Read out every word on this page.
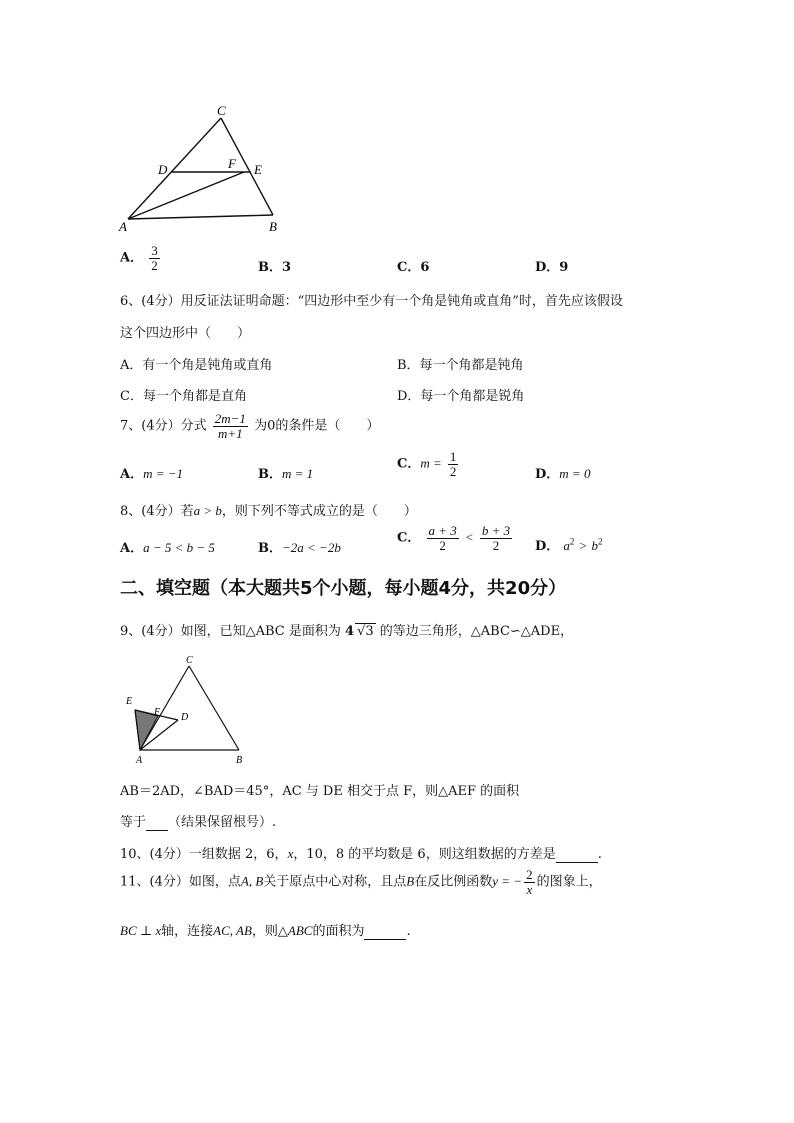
C
D	F E
A	B
A． $\frac{3}{2}$	B．3	C．6	D．9
6、(4分）用反证法证明命题：“四边形中至少有一个角是钝角或直角”时，首先应该假设
这个四边形中（　　）
A．有一个角是钝角或直角	B．每一个角都是钝角
C．每一个角都是直角	D．每一个角都是锐角
7、(4分）分式 $\frac{2m-1}{m+1}$ 为0的条件是（　　）
A．m = −1	B．m = 1
C．$m = \frac{1}{2}$	D．m = 0
8、(4分）若a > b，则下列不等式成立的是（　　）
A．a − 5 < b − 5	B．−2a < −2b
C． $\frac{a + 3}{2} < \frac{b + 3}{2}$ D． $a^2 > b^2$
二、填空题（本大题共5个小题，每小题4分，共20分）
9、(4分）如图，已知△ABC 是面积为 4 √3 的等边三角形，△ABC∽△ADE，
C
E
F D
A	B
AB＝2AD，∠BAD＝45°，AC 与 DE 相交于点 F，则△AEF 的面积
等于 （结果保留根号）.
10、(4分）一组数据 2，6，x，10，8 的平均数是 6，则这组数据的方差是	.
11、(4分）如图，点A, B关于原点中心对称，且点B在反比例函数y = − $\frac{2}{x}$ 的图象上，
BC ⊥ x轴，连接AC, AB，则△ABC的面积为	.
